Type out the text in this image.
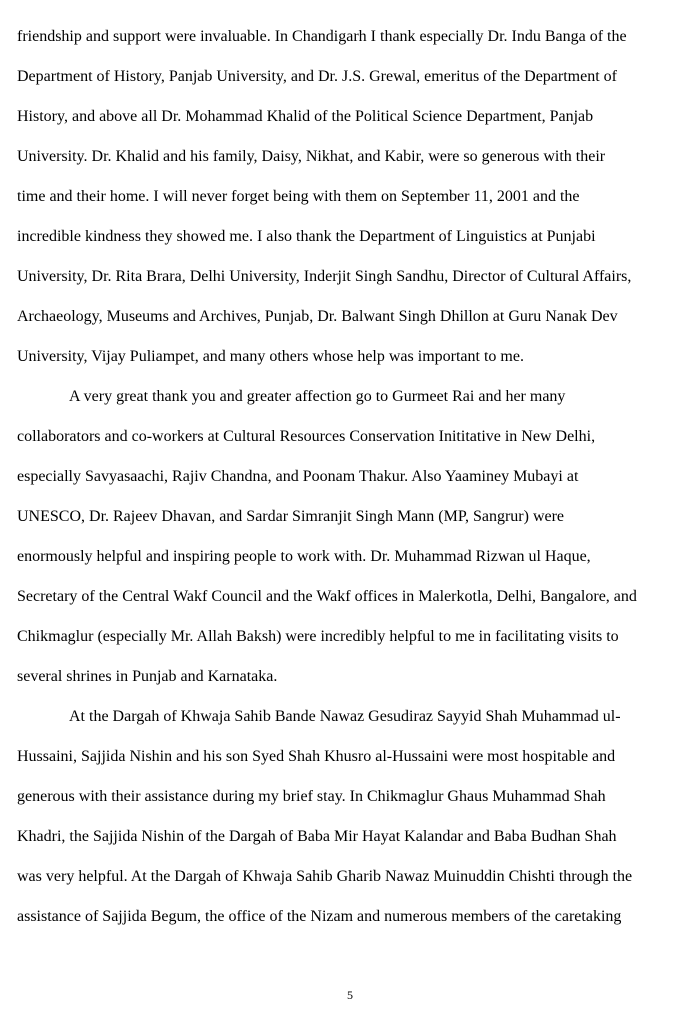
friendship and support were invaluable. In Chandigarh I thank especially Dr. Indu Banga of the
Department of History, Panjab University, and Dr. J.S. Grewal, emeritus of the Department of
History, and above all Dr. Mohammad Khalid of the Political Science Department, Panjab
University. Dr. Khalid and his family, Daisy, Nikhat, and Kabir, were so generous with their
time and their home. I will never forget being with them on September 11, 2001 and the
incredible kindness they showed me. I also thank the Department of Linguistics at Punjabi
University, Dr. Rita Brara, Delhi University, Inderjit Singh Sandhu, Director of Cultural Affairs,
Archaeology, Museums and Archives, Punjab, Dr. Balwant Singh Dhillon at Guru Nanak Dev
University, Vijay Puliampet, and many others whose help was important to me.
A very great thank you and greater affection go to Gurmeet Rai and her many
collaborators and co-workers at Cultural Resources Conservation Inititative in New Delhi,
especially Savyasaachi, Rajiv Chandna, and Poonam Thakur. Also Yaaminey Mubayi at
UNESCO, Dr. Rajeev Dhavan, and Sardar Simranjit Singh Mann (MP, Sangrur) were
enormously helpful and inspiring people to work with. Dr. Muhammad Rizwan ul Haque,
Secretary of the Central Wakf Council and the Wakf offices in Malerkotla, Delhi, Bangalore, and
Chikmaglur (especially Mr. Allah Baksh) were incredibly helpful to me in facilitating visits to
several shrines in Punjab and Karnataka.
At the Dargah of Khwaja Sahib Bande Nawaz Gesudiraz Sayyid Shah Muhammad ul-
Hussaini, Sajjida Nishin and his son Syed Shah Khusro al-Hussaini were most hospitable and
generous with their assistance during my brief stay. In Chikmaglur Ghaus Muhammad Shah
Khadri, the Sajjida Nishin of the Dargah of Baba Mir Hayat Kalandar and Baba Budhan Shah
was very helpful. At the Dargah of Khwaja Sahib Gharib Nawaz Muinuddin Chishti through the
assistance of Sajjida Begum, the office of the Nizam and numerous members of the caretaking
5
